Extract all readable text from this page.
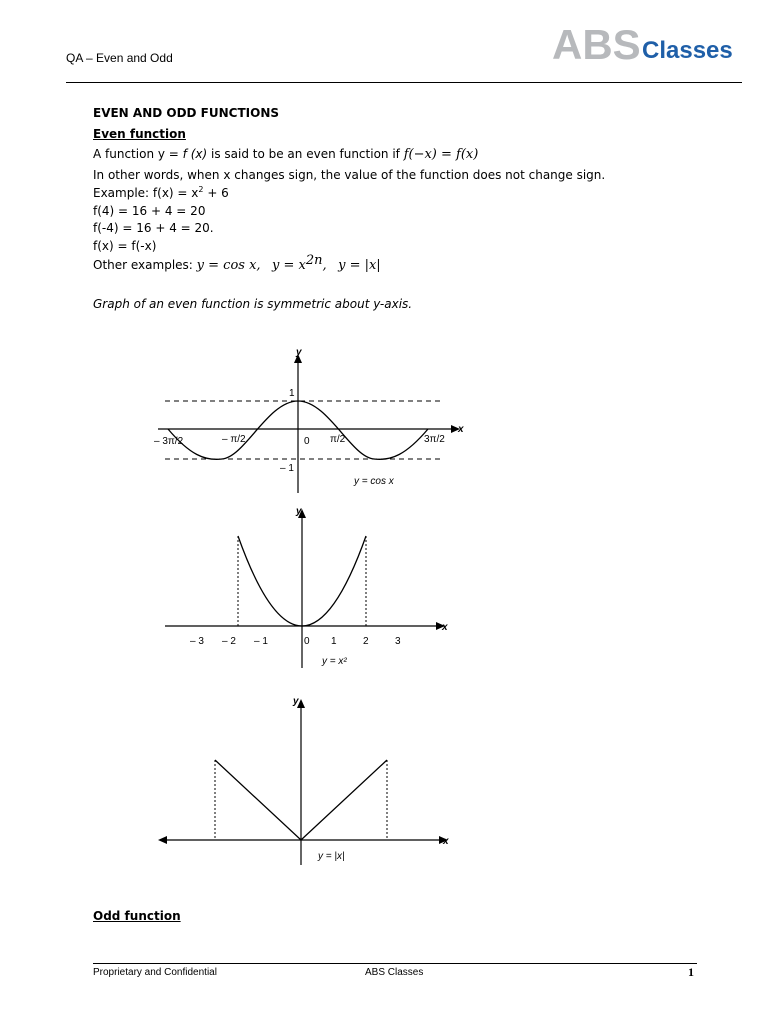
QA – Even and Odd	ABS Classes
EVEN AND ODD FUNCTIONS
Even function
A function y = f (x) is said to be an even function if f(−x) = f(x)
In other words, when x changes sign, the value of the function does not change sign.
Example: $f(x) = x^2 + 6$
f(4) = 16 + 4 = 20
f(-4) = 16 + 4 = 20.
f(x) = f(-x)
Other examples: y = cos x, $y = x^{2n}$, y = |x|
Graph of an even function is symmetric about y-axis.
y
x
1
– 1
– 3π/2	– π/2	0 π/2	3π/2
y = cos x
y
x
– 3 – 2 – 1	0 1	2	3
y = x²
y
x
y = |x|
Odd function
Proprietary and Confidential	ABS Classes	1
